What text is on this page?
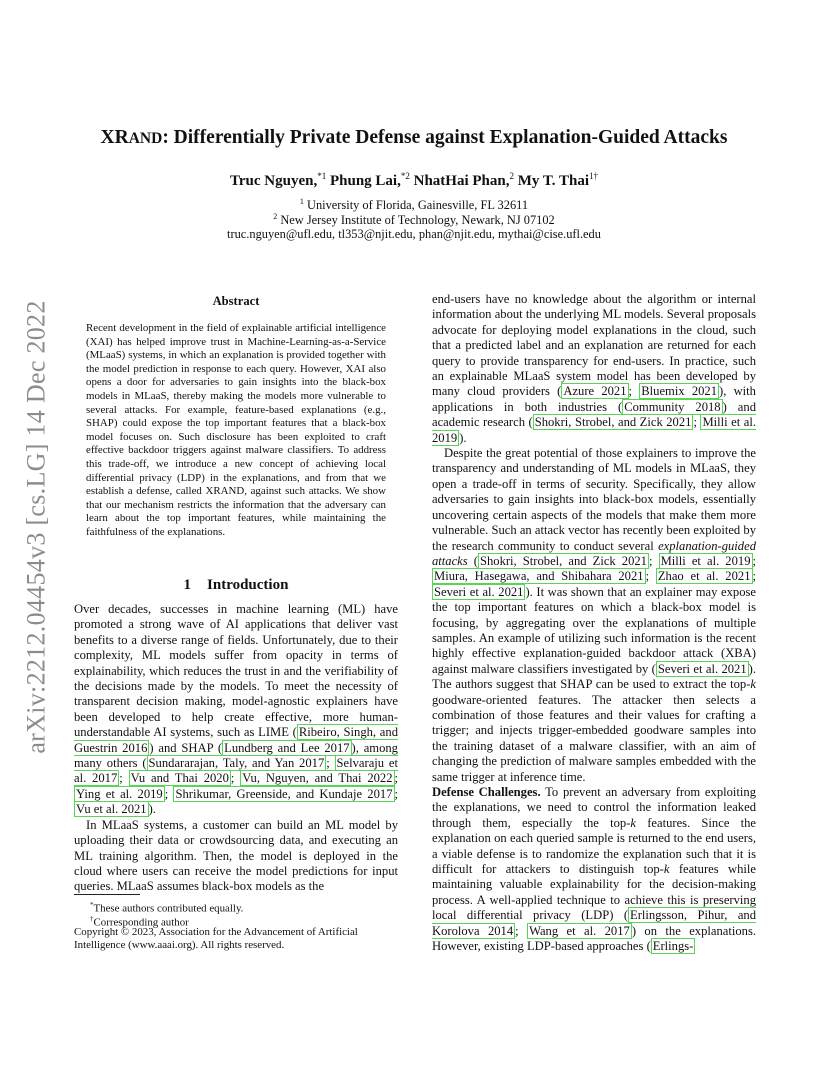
arXiv:2212.04454v3 [cs.LG] 14 Dec 2022
XRAND: Differentially Private Defense against Explanation-Guided Attacks
Truc Nguyen,$^{*1}$ Phung Lai,$^{*2}$ NhatHai Phan,$^2$ My T. Thai$^{1\dagger}$
$^1$ University of Florida, Gainesville, FL 32611
$^2$ New Jersey Institute of Technology, Newark, NJ 07102
truc.nguyen@ufl.edu, tl353@njit.edu, phan@njit.edu, mythai@cise.ufl.edu
Abstract
Recent development in the field of explainable artificial intelligence (XAI) has helped improve trust in Machine-Learning-as-a-Service (MLaaS) systems, in which an explanation is provided together with the model prediction in response to each query. However, XAI also opens a door for adversaries to gain insights into the black-box models in MLaaS, thereby making the models more vulnerable to several attacks. For example, feature-based explanations (e.g., SHAP) could expose the top important features that a black-box model focuses on. Such disclosure has been exploited to craft effective backdoor triggers against malware classifiers. To address this trade-off, we introduce a new concept of achieving local differential privacy (LDP) in the explanations, and from that we establish a defense, called XRAND, against such attacks. We show that our mechanism restricts the information that the adversary can learn about the top important features, while maintaining the faithfulness of the explanations.
1 Introduction

Over decades, successes in machine learning (ML) have promoted a strong wave of AI applications that deliver vast benefits to a diverse range of fields. Unfortunately, due to their complexity, ML models suffer from opacity in terms of explainability, which reduces the trust in and the verifiability of the decisions made by the models. To meet the necessity of transparent decision making, model-agnostic explainers have been developed to help create effective, more human-understandable AI systems, such as LIME ( Ribeiro, Singh, and Guestrin 2016 ) and SHAP ( Lundberg and Lee 2017 ), among many others ( Sundararajan, Taly, and Yan 2017 ; Selvaraju et al. 2017 ; Vu and Thai 2020 ; Vu, Nguyen, and Thai 2022 ; Ying et al. 2019 ; Shrikumar, Greenside, and Kundaje 2017 ; Vu et al. 2021 ).

In MLaaS systems, a customer can build an ML model by uploading their data or crowdsourcing data, and executing an ML training algorithm. Then, the model is deployed in the cloud where users can receive the model predictions for input queries. MLaaS assumes black-box models as the

*These authors contributed equally.
†Corresponding author
Copyright © 2023, Association for the Advancement of Artificial Intelligence (www.aaai.org). All rights reserved.

end-users have no knowledge about the algorithm or internal information about the underlying ML models. Several proposals advocate for deploying model explanations in the cloud, such that a predicted label and an explanation are returned for each query to provide transparency for end-users. In practice, such an explainable MLaaS system model has been developed by many cloud providers ( Azure 2021 ; Bluemix 2021 ), with applications in both industries ( Community 2018 ) and academic research ( Shokri, Strobel, and Zick 2021 ; Milli et al. 2019 ).

Despite the great potential of those explainers to improve the transparency and understanding of ML models in MLaaS, they open a trade-off in terms of security. Specifically, they allow adversaries to gain insights into black-box models, essentially uncovering certain aspects of the models that make them more vulnerable. Such an attack vector has recently been exploited by the research community to conduct several explanation-guided attacks ( Shokri, Strobel, and Zick 2021 ; Milli et al. 2019 ; Miura, Hasegawa, and Shibahara 2021 ; Zhao et al. 2021 ; Severi et al. 2021 ). It was shown that an explainer may expose the top important features on which a black-box model is focusing, by aggregating over the explanations of multiple samples. An example of utilizing such information is the recent highly effective explanation-guided backdoor attack (XBA) against malware classifiers investigated by ( Severi et al. 2021 ). The authors suggest that SHAP can be used to extract the top-k goodware-oriented features. The attacker then selects a combination of those features and their values for crafting a trigger; and injects trigger-embedded goodware samples into the training dataset of a malware classifier, with an aim of changing the prediction of malware samples embedded with the same trigger at inference time.

Defense Challenges. To prevent an adversary from exploiting the explanations, we need to control the information leaked through them, especially the top-k features. Since the explanation on each queried sample is returned to the end users, a viable defense is to randomize the explanation such that it is difficult for attackers to distinguish top-k features while maintaining valuable explainability for the decision-making process. A well-applied technique to achieve this is preserving local differential privacy (LDP) ( Erlingsson, Pihur, and Korolova 2014 ; Wang et al. 2017 ) on the explanations. However, existing LDP-based approaches ( Erlings-
